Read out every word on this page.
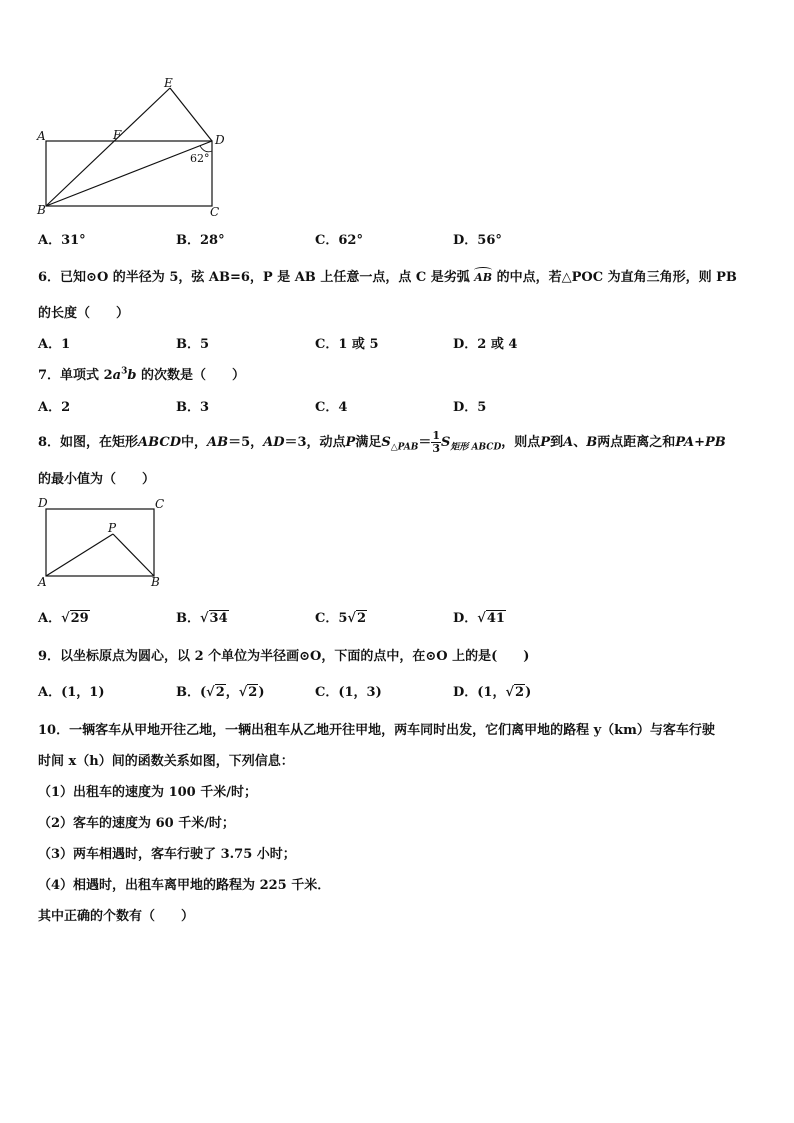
E
A	F	D
B	C
62°
A．31°	B．28°	C．62°	D．56°
6．已知⊙O 的半径为 5，弦 AB=6，P 是 AB 上任意一点，点 C 是劣弧 AB 的中点，若△POC 为直角三角形，则 PB
的长度（　　）
A．1	B．5	C．1 或 5	D．2 或 4
7．单项式 $2a^3b$ 的次数是（　　）
A．2	B．3	C．4	D．5
8．如图，在矩形ABCD中，AB＝5，AD＝3，动点P满足$S_{\triangle PAB}= \frac{1}{3} S_{矩形 ABCD}$，则点P到A、B两点距离之和PA+PB
的最小值为（　　）
D	C
P
A	B
A．√29	B．√34	C．5√2	D．√41
9．以坐标原点为圆心，以 2 个单位为半径画⊙O，下面的点中，在⊙O 上的是(　　)
A．(1，1)	B．(√2，√2)	C．(1，3)	D．(1，√2)
10．一辆客车从甲地开往乙地，一辆出租车从乙地开往甲地，两车同时出发，它们离甲地的路程 y（km）与客车行驶
时间 x（h）间的函数关系如图，下列信息：
（1）出租车的速度为 100 千米/时；
（2）客车的速度为 60 千米/时；
（3）两车相遇时，客车行驶了 3.75 小时；
（4）相遇时，出租车离甲地的路程为 225 千米．
其中正确的个数有（　　）
